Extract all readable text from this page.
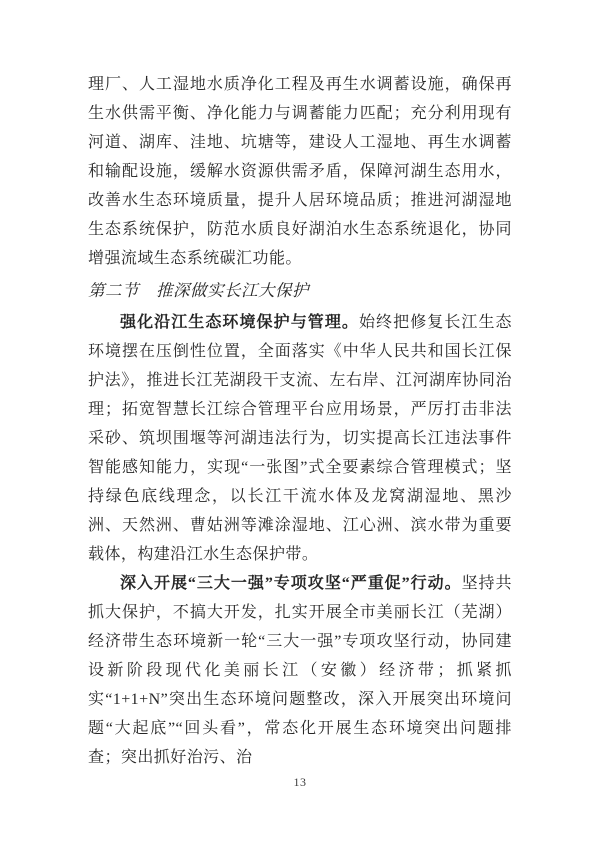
理厂、人工湿地水质净化工程及再生水调蓄设施，确保再生水供需平衡、净化能力与调蓄能力匹配；充分利用现有河道、湖库、洼地、坑塘等，建设人工湿地、再生水调蓄和输配设施，缓解水资源供需矛盾，保障河湖生态用水，改善水生态环境质量，提升人居环境品质；推进河湖湿地生态系统保护，防范水质良好湖泊水生态系统退化，协同增强流域生态系统碳汇功能。

第二节　推深做实长江大保护

强化沿江生态环境保护与管理。始终把修复长江生态环境摆在压倒性位置，全面落实《中华人民共和国长江保护法》，推进长江芜湖段干支流、左右岸、江河湖库协同治理；拓宽智慧长江综合管理平台应用场景，严厉打击非法采砂、筑坝围堰等河湖违法行为，切实提高长江违法事件智能感知能力，实现“一张图”式全要素综合管理模式；坚持绿色底线理念，以长江干流水体及龙窝湖湿地、黑沙洲、天然洲、曹姑洲等滩涂湿地、江心洲、滨水带为重要载体，构建沿江水生态保护带。

深入开展“三大一强”专项攻坚“严重促”行动。坚持共抓大保护，不搞大开发，扎实开展全市美丽长江（芜湖）经济带生态环境新一轮“三大一强”专项攻坚行动，协同建设新阶段现代化美丽长江（安徽）经济带；抓紧抓实“1+1+N”突出生态环境问题整改，深入开展突出环境问题“大起底”“回头看”，常态化开展生态环境突出问题排查；突出抓好治污、治

13
